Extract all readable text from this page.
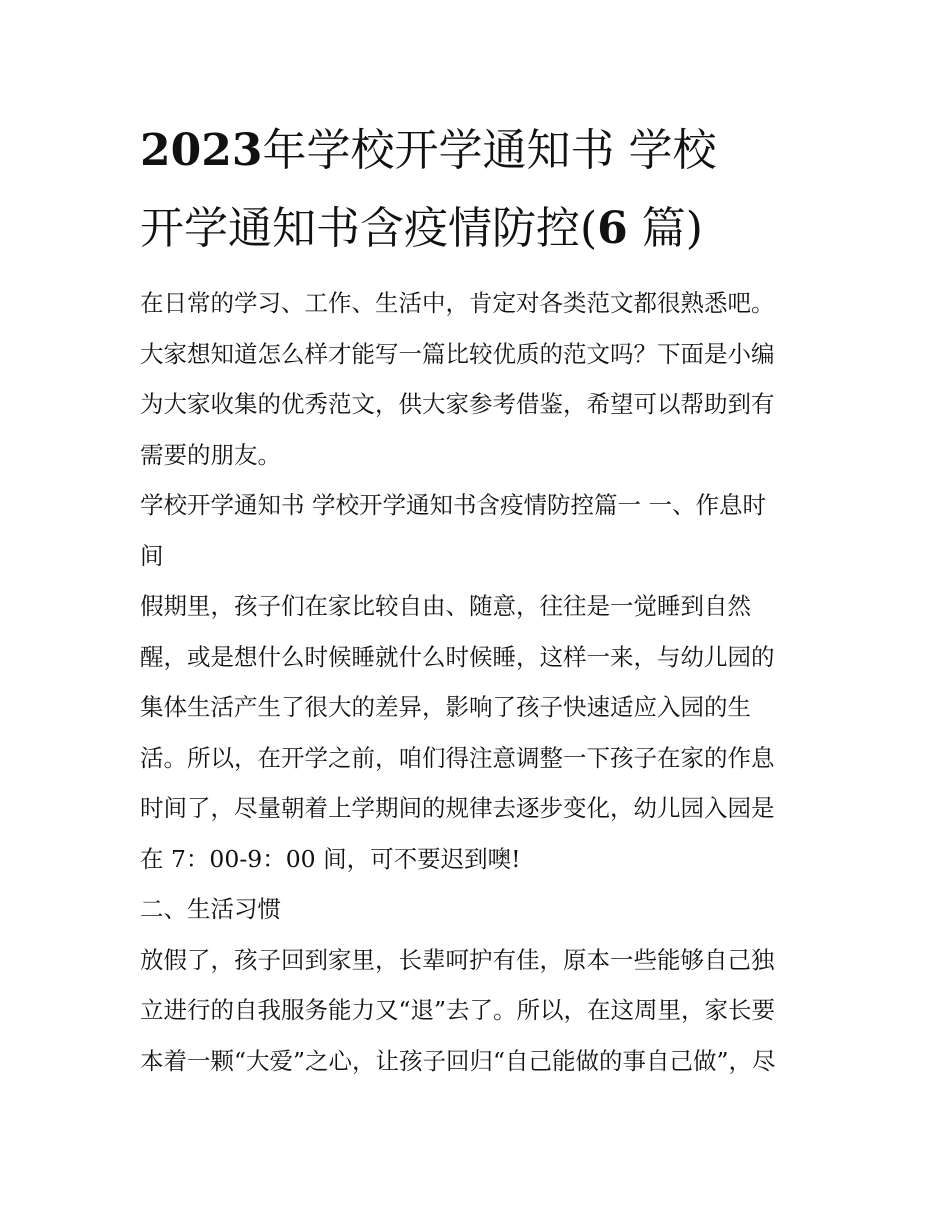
2023年学校开学通知书 学校
开学通知书含疫情防控(6 篇)
在日常的学习、工作、生活中，肯定对各类范文都很熟悉吧。
大家想知道怎么样才能写一篇比较优质的范文吗？下面是小编
为大家收集的优秀范文，供大家参考借鉴，希望可以帮助到有
需要的朋友。
学校开学通知书 学校开学通知书含疫情防控篇一 一、作息时
间
假期里，孩子们在家比较自由、随意，往往是一觉睡到自然
醒，或是想什么时候睡就什么时候睡，这样一来，与幼儿园的
集体生活产生了很大的差异，影响了孩子快速适应入园的生
活。所以，在开学之前，咱们得注意调整一下孩子在家的作息
时间了，尽量朝着上学期间的规律去逐步变化，幼儿园入园是
在 7：00-9：00 间，可不要迟到噢!
二、生活习惯
放假了，孩子回到家里，长辈呵护有佳，原本一些能够自己独
立进行的自我服务能力又“退”去了。所以，在这周里，家长要
本着一颗“大爱”之心，让孩子回归“自己能做的事自己做”，尽
